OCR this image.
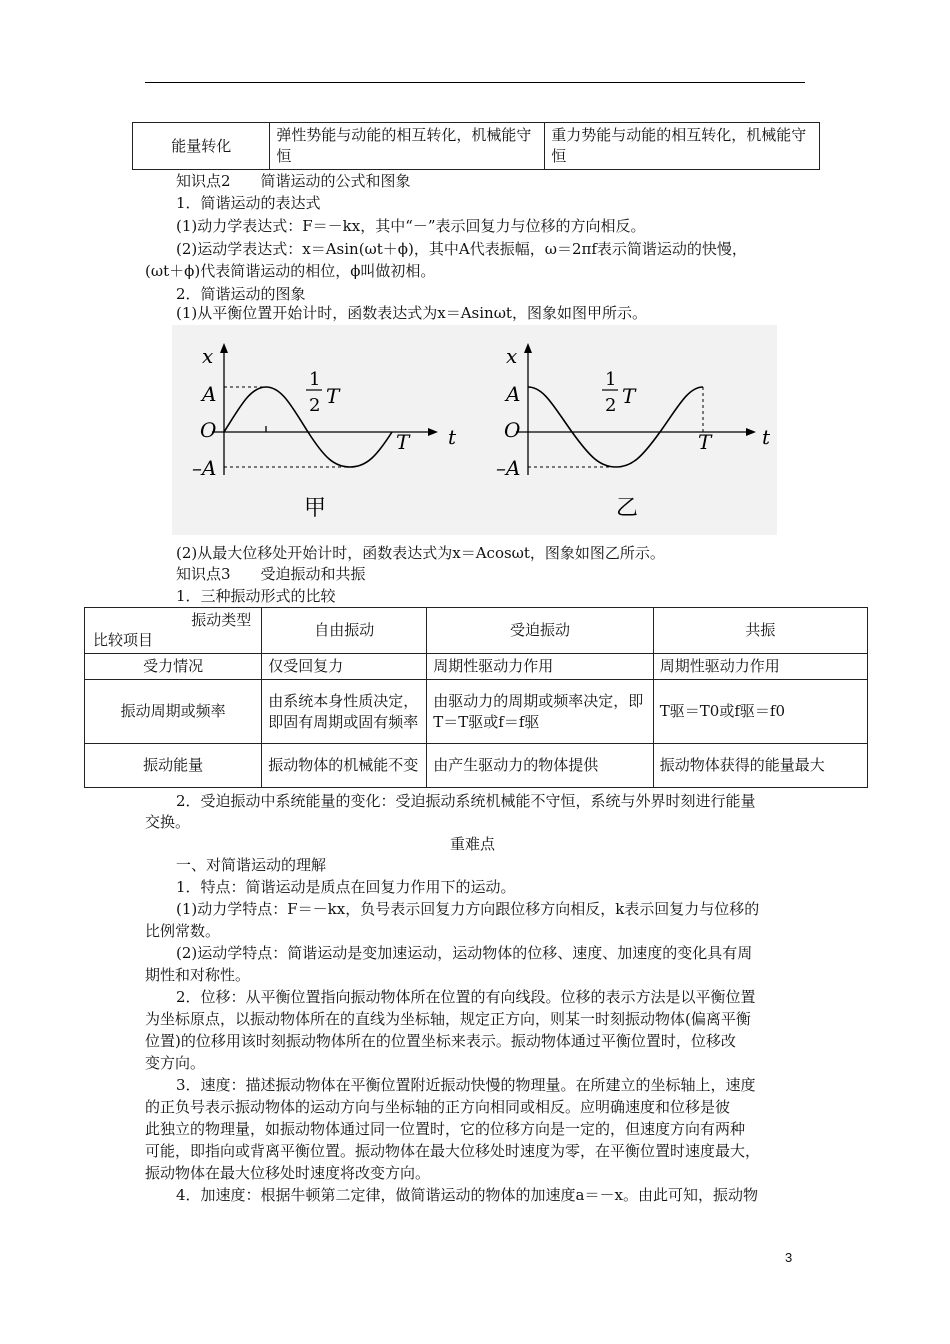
能量转化	弹性势能与动能的相互转化，机械能守恒	重力势能与动能的相互转化，机械能守恒
知识点2　　简谐运动的公式和图象
1．简谐运动的表达式
(1)动力学表达式：F＝－kx，其中“－”表示回复力与位移的方向相反。
(2)运动学表达式：x＝Asin(ωt＋ϕ)，其中A代表振幅，ω＝2πf表示简谐运动的快慢，
(ωt＋ϕ)代表简谐运动的相位，ϕ叫做初相。
2．简谐运动的图象
(1)从平衡位置开始计时，函数表达式为x＝Asinωt，图象如图甲所示。
x
A
O
–A
t
1
2 T
T
甲
x
A
O
–A
t
1
2 T
T
乙
(2)从最大位移处开始计时，函数表达式为x＝Acosωt，图象如图乙所示。
知识点3　　受迫振动和共振
1．三种振动形式的比较
振动类型
比较项目	自由振动	受迫振动	共振
受力情况	仅受回复力	周期性驱动力作用	周期性驱动力作用
振动周期或频率	由系统本身性质决定，即固有周期或固有频率	由驱动力的周期或频率决定，即T＝T驱或f＝f驱	T驱＝T0或f驱＝f0
振动能量	振动物体的机械能不变	由产生驱动力的物体提供	振动物体获得的能量最大
2．受迫振动中系统能量的变化：受迫振动系统机械能不守恒，系统与外界时刻进行能量
交换。
重难点
一、对简谐运动的理解
1．特点：简谐运动是质点在回复力作用下的运动。
(1)动力学特点：F＝－kx，负号表示回复力方向跟位移方向相反，k表示回复力与位移的
比例常数。
(2)运动学特点：简谐运动是变加速运动，运动物体的位移、速度、加速度的变化具有周
期性和对称性。
2．位移：从平衡位置指向振动物体所在位置的有向线段。位移的表示方法是以平衡位置
为坐标原点，以振动物体所在的直线为坐标轴，规定正方向，则某一时刻振动物体(偏离平衡
位置)的位移用该时刻振动物体所在的位置坐标来表示。振动物体通过平衡位置时，位移改
变方向。
3．速度：描述振动物体在平衡位置附近振动快慢的物理量。在所建立的坐标轴上，速度
的正负号表示振动物体的运动方向与坐标轴的正方向相同或相反。应明确速度和位移是彼
此独立的物理量，如振动物体通过同一位置时，它的位移方向是一定的，但速度方向有两种
可能，即指向或背离平衡位置。振动物体在最大位移处时速度为零，在平衡位置时速度最大，
振动物体在最大位移处时速度将改变方向。
4．加速度：根据牛顿第二定律，做简谐运动的物体的加速度a＝－x。由此可知，振动物
3
